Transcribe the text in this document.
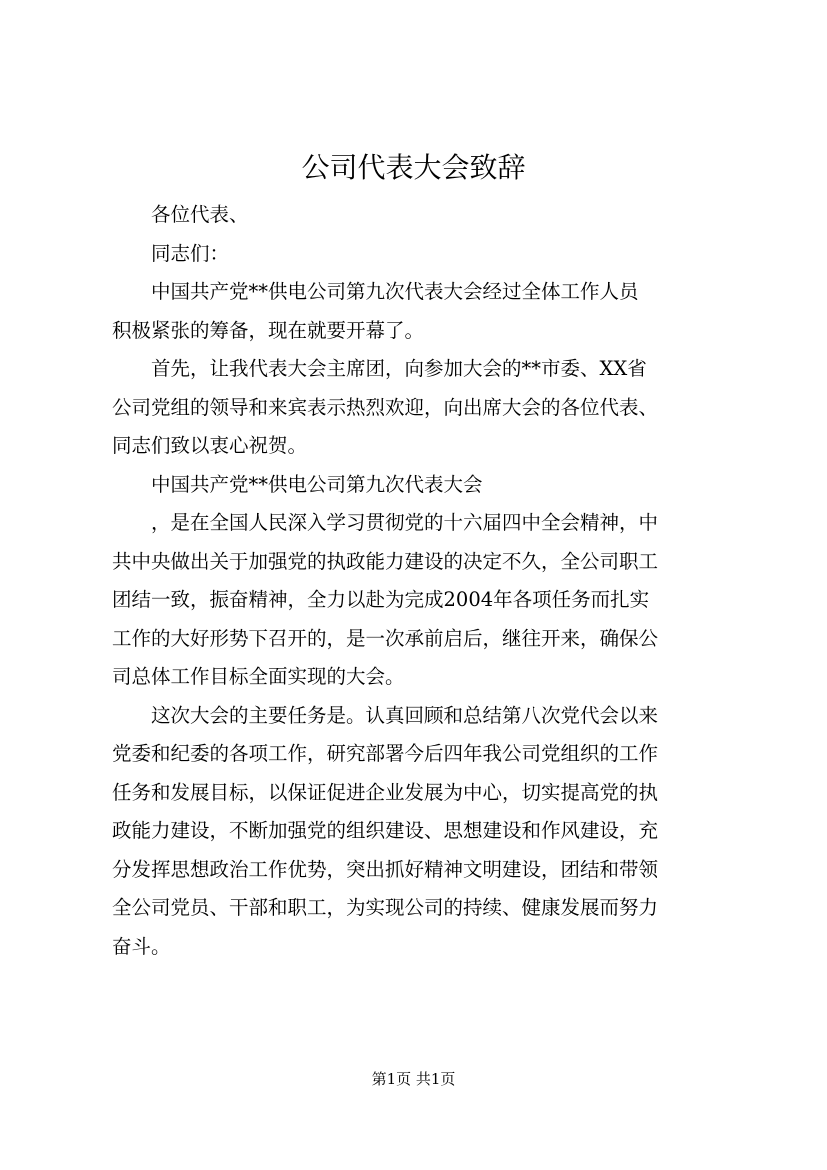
公司代表大会致辞

各位代表、

同志们：

中国共产党**供电公司第九次代表大会经过全体工作人员
积极紧张的筹备，现在就要开幕了。

首先，让我代表大会主席团，向参加大会的**市委、XX省
公司党组的领导和来宾表示热烈欢迎，向出席大会的各位代表、
同志们致以衷心祝贺。

中国共产党**供电公司第九次代表大会

，是在全国人民深入学习贯彻党的十六届四中全会精神，中
共中央做出关于加强党的执政能力建设的决定不久，全公司职工
团结一致，振奋精神，全力以赴为完成2004年各项任务而扎实
工作的大好形势下召开的，是一次承前启后，继往开来，确保公
司总体工作目标全面实现的大会。

这次大会的主要任务是。认真回顾和总结第八次党代会以来
党委和纪委的各项工作，研究部署今后四年我公司党组织的工作
任务和发展目标，以保证促进企业发展为中心，切实提高党的执
政能力建设，不断加强党的组织建设、思想建设和作风建设，充
分发挥思想政治工作优势，突出抓好精神文明建设，团结和带领
全公司党员、干部和职工，为实现公司的持续、健康发展而努力
奋斗。

第1页 共1页
